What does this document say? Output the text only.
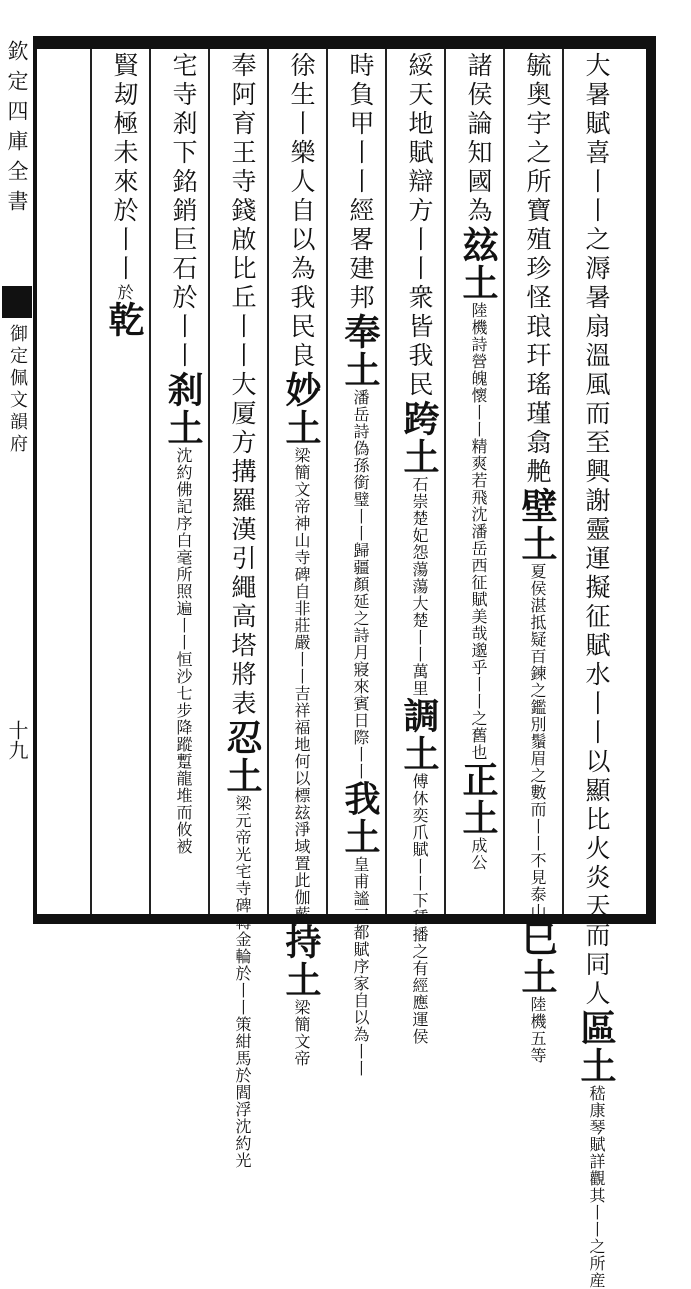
欽定四庫全書
御定佩文韻府
十九	大暑賦喜丨丨之溽暑扇溫風而至興謝靈運擬征賦水丨丨以顯比火炎天而同人區土嵇康琴賦詳觀其丨丨之所産
毓奥宇之所寶殖珍怪琅玕瑤瑾翕艴壁土夏侯湛抵疑百鍊之鑑別鬚眉之數而丨丨不見泰山巳土陸機五等
諸侯論知國為玆土陸機詩營魄懷丨丨精爽若飛沈潘岳西征賦美哉邈乎丨丨之舊也正土成公
綏天地賦辯方丨丨衆皆我民跨土石崇楚妃怨蕩蕩大楚丨丨萬里調土傅休奕爪賦丨丨下種播之有經應運侯
時負甲丨丨經畧建邦奉土潘岳詩偽孫銜璧丨丨歸疆顏延之詩月寢來賓日際丨丨我土皇甫謐三都賦序家自以為丨丨
徐生丨樂人自以為我民良妙土梁簡文帝神山寺碑自非莊嚴丨丨吉祥福地何以標玆淨域置此伽藍持土梁簡文帝
奉阿育王寺錢啟比丘丨丨大厦方搆羅漢引繩高塔將表忍土梁元帝光宅寺碑轉金輪於丨丨策紺馬於閻浮沈約光
宅寺刹下銘銷巨石於丨丨刹土沈約佛記序白毫所照遍丨丨恒沙七步降蹤蹔龍堆而攸被
賢刼極未來於丨丨於乾
